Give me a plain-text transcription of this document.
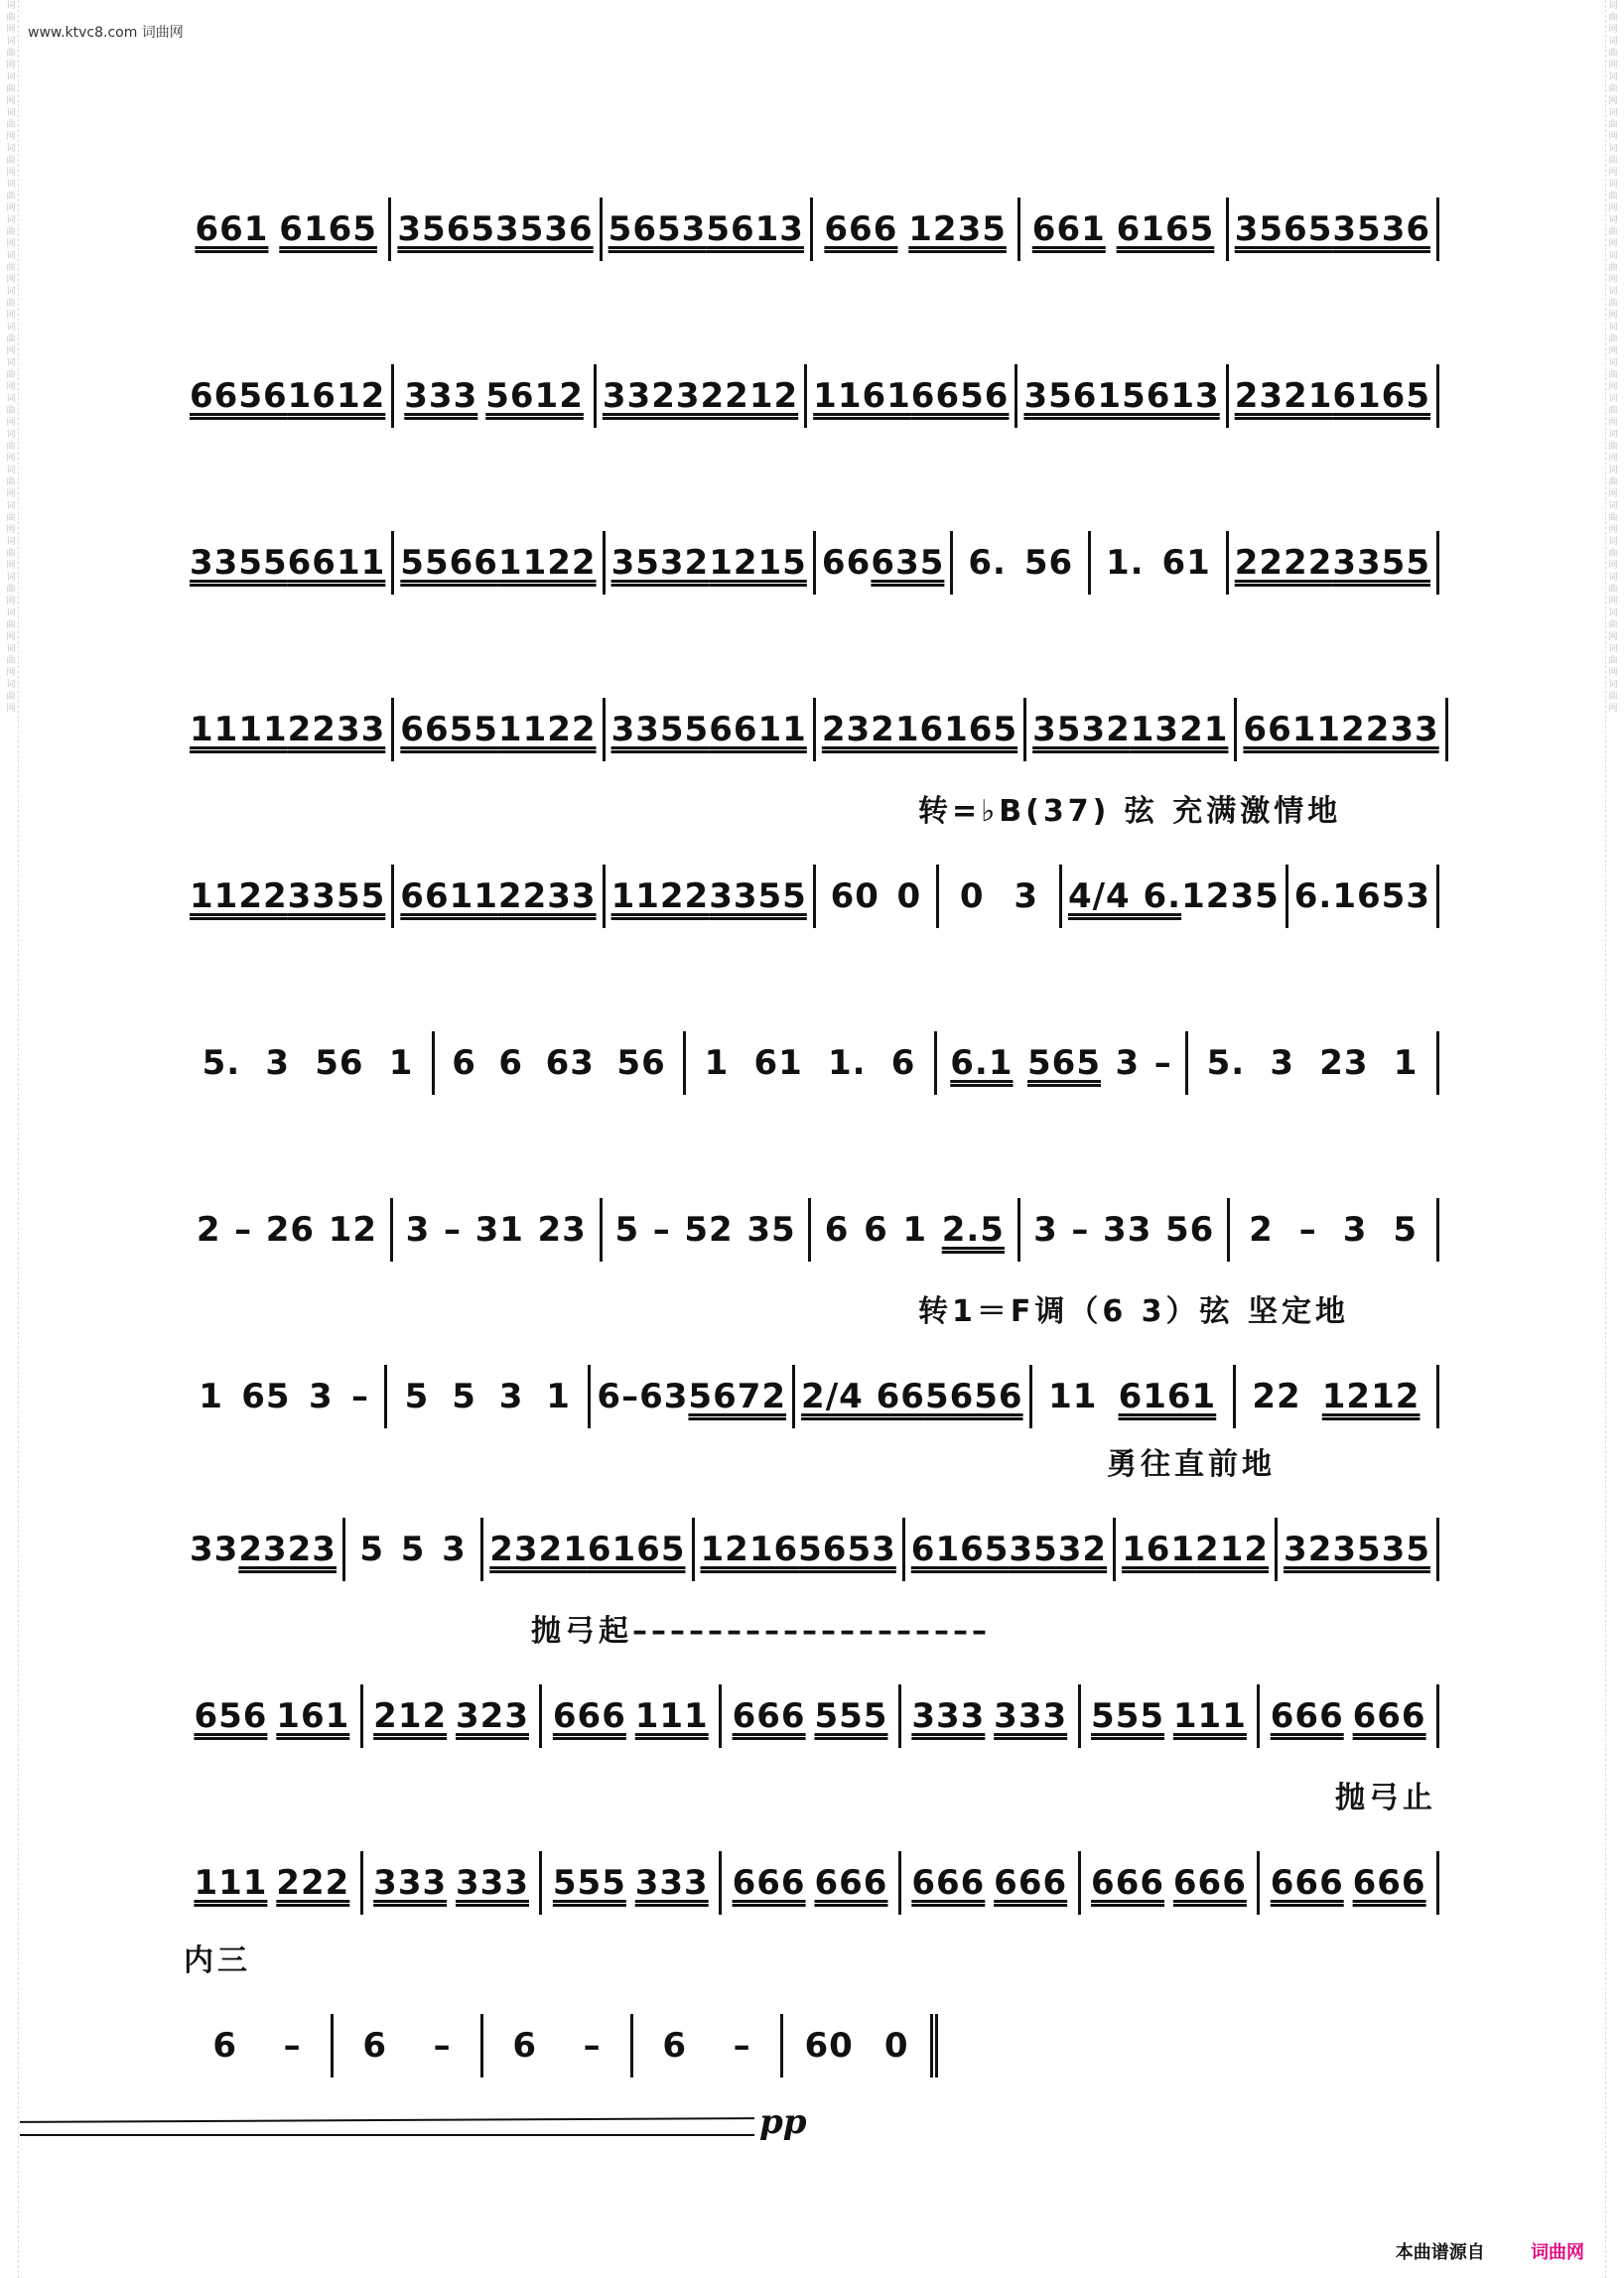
www.ktvc8.com 词曲网
词曲网词曲网词曲网词曲网词曲网词曲网词曲网词曲网词曲网词曲网词曲网词曲网词曲网词曲网词曲网词曲网词曲网词曲网词曲网词曲网
词曲网词曲网词曲网词曲网词曲网词曲网词曲网词曲网词曲网词曲网词曲网词曲网词曲网词曲网词曲网词曲网词曲网词曲网词曲网词曲网
661 6165 3565 3536 5653 5613 666 1235 661 6165 3565 3536
6656 1612 333 5612 3323 2212 1161 6656 3561 5613 2321 6165
3355 6611 5566 1122 3532 1215 66 635 6. 56 1. 61 2222 3355
1111 2233 6655 1122 3355 6611 2321 6165 3532 1321 6611 2233
转=♭B(37) 弦 充满激情地
1122 3355 6611 2233 1122 3355 60 0 0 3 4/4 6. 1 2 35 6. 1 65 3
5. 3 56 1 6 6 63 56 1 61 1. 6 6.1 565 3 – 5. 3 23 1
2 – 26 12 3 – 31 23 5 – 52 35 6 6 1 2.5 3 – 33 56 2 – 3 5
转1＝F调（6 3）弦 坚定地
1 65 3 – 5 5 3 1 6 – 63 5672 2/4 66 5656 11 6161 22 1212
勇往直前地
33 2323 5 5 3 2321 6165 1216 5653 6165 3532 161 212 323 535
抛弓起–––––––––––––––––––
656 161 212 323 666 111 666 555 333 333 555 111 666 666
抛弓止
111 222 333 333 555 333 666 666 666 666 666 666 666 666
内三
6 – 6 – 6 – 6 – 60 0
pp
本曲谱源自	词曲网
